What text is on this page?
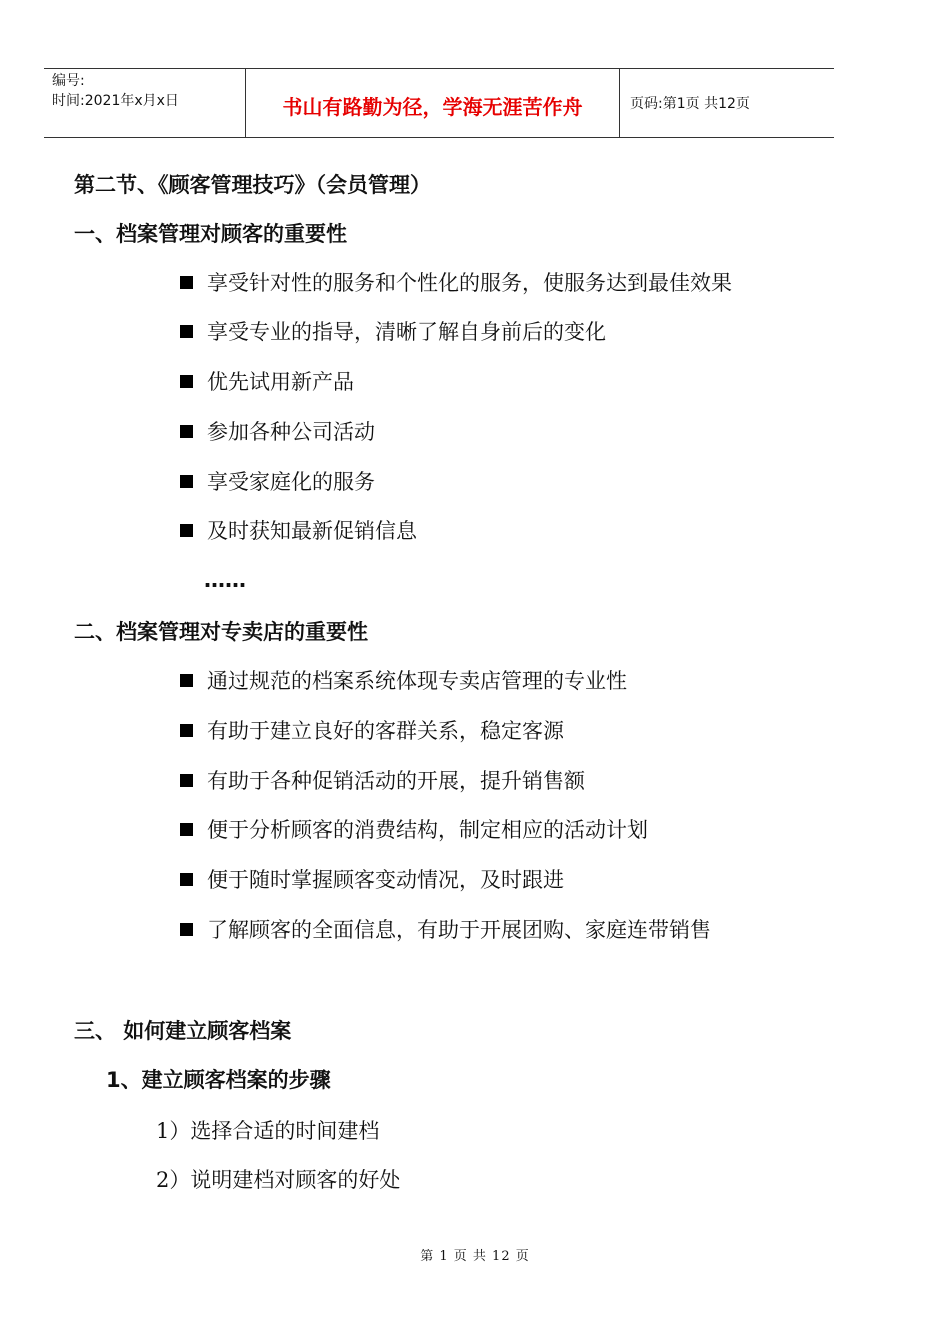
编号:
时间:2021年x月x日	书山有路勤为径，学海无涯苦作舟	页码:第1页 共12页
第二节、《顾客管理技巧》（会员管理）
一、档案管理对顾客的重要性
享受针对性的服务和个性化的服务，使服务达到最佳效果
享受专业的指导，清晰了解自身前后的变化
优先试用新产品
参加各种公司活动
享受家庭化的服务
及时获知最新促销信息
……
二、档案管理对专卖店的重要性
通过规范的档案系统体现专卖店管理的专业性
有助于建立良好的客群关系，稳定客源
有助于各种促销活动的开展，提升销售额
便于分析顾客的消费结构，制定相应的活动计划
便于随时掌握顾客变动情况，及时跟进
了解顾客的全面信息，有助于开展团购、家庭连带销售
三、 如何建立顾客档案
1、建立顾客档案的步骤
1）选择合适的时间建档
2）说明建档对顾客的好处
第 1 页 共 12 页
